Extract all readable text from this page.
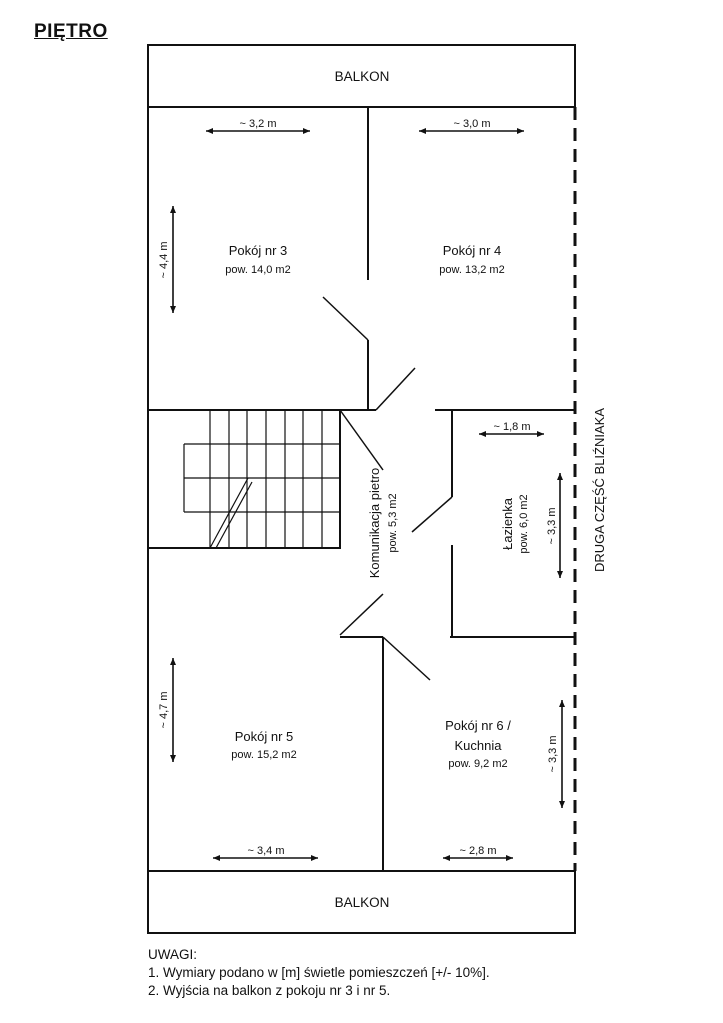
PIĘTRO
BALKON
BALKON
~ 3,2 m	~ 3,0 m
~ 4,4 m	Pokój nr 3
pow. 14,0 m2
Pokój nr 4
pow. 13,2 m2
~ 1,8 m
Łazienka pow. 6,0 m2 ~ 3,3 m
Komunikacja pietro pow. 5,3 m2	DRUGA CZĘŚĆ BLIŹNIAKA
~ 4,7 m
Pokój nr 5
pow. 15,2 m2
Pokój nr 6 /
Kuchnia
pow. 9,2 m2	~ 3,3 m
~ 3,4 m	~ 2,8 m
UWAGI:
1. Wymiary podano w [m] świetle pomieszczeń [+/- 10%].
2. Wyjścia na balkon z pokoju nr 3 i nr 5.
